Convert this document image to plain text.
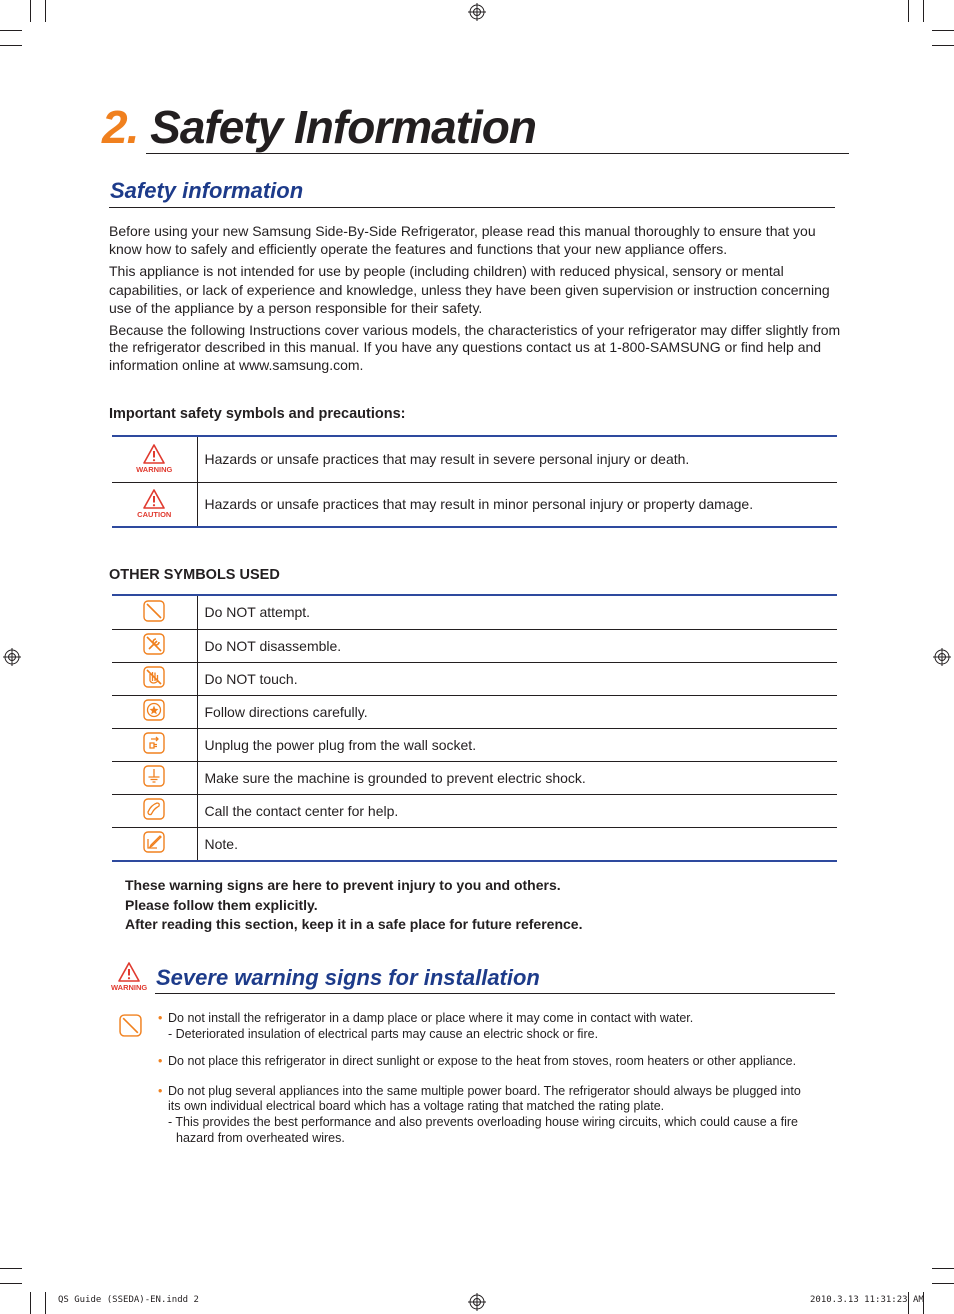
2. Safety Information
Safety information

Before using your new Samsung Side-By-Side Refrigerator, please read this manual thoroughly to ensure that you know how to safely and efficiently operate the features and functions that your new appliance offers.

This appliance is not intended for use by people (including children) with reduced physical, sensory or mental capabilities, or lack of experience and knowledge, unless they have been given supervision or instruction concerning use of the appliance by a person responsible for their safety.

Because the following Instructions cover various models, the characteristics of your refrigerator may differ slightly from the refrigerator described in this manual. If you have any questions contact us at 1-800-SAMSUNG or find help and information online at www.samsung.com.

Important safety symbols and precautions:
WARNING	Hazards or unsafe practices that may result in severe personal injury or death.

CAUTION	Hazards or unsafe practices that may result in minor personal injury or property damage.
OTHER SYMBOLS USED
	Do NOT attempt.
	Do NOT disassemble.
	Do NOT touch.
	Follow directions carefully.
	Unplug the power plug from the wall socket.
	Make sure the machine is grounded to prevent electric shock.
	Call the contact center for help.
	Note.
These warning signs are here to prevent injury to you and others.
Please follow them explicitly.
After reading this section, keep it in a safe place for future reference.
WARNING Severe warning signs for installation
• Do not install the refrigerator in a damp place or place where it may come in contact with water.
- Deteriorated insulation of electrical parts may cause an electric shock or fire.
• Do not place this refrigerator in direct sunlight or expose to the heat from stoves, room heaters or other appliance.
• Do not plug several appliances into the same multiple power board. The refrigerator should always be plugged into
its own individual electrical board which has a voltage rating that matched the rating plate.
- This provides the best performance and also prevents overloading house wiring circuits, which could cause a fire
hazard from overheated wires.
QS Guide (SSEDA)-EN.indd 2	2010.3.13 11:31:23 AM
